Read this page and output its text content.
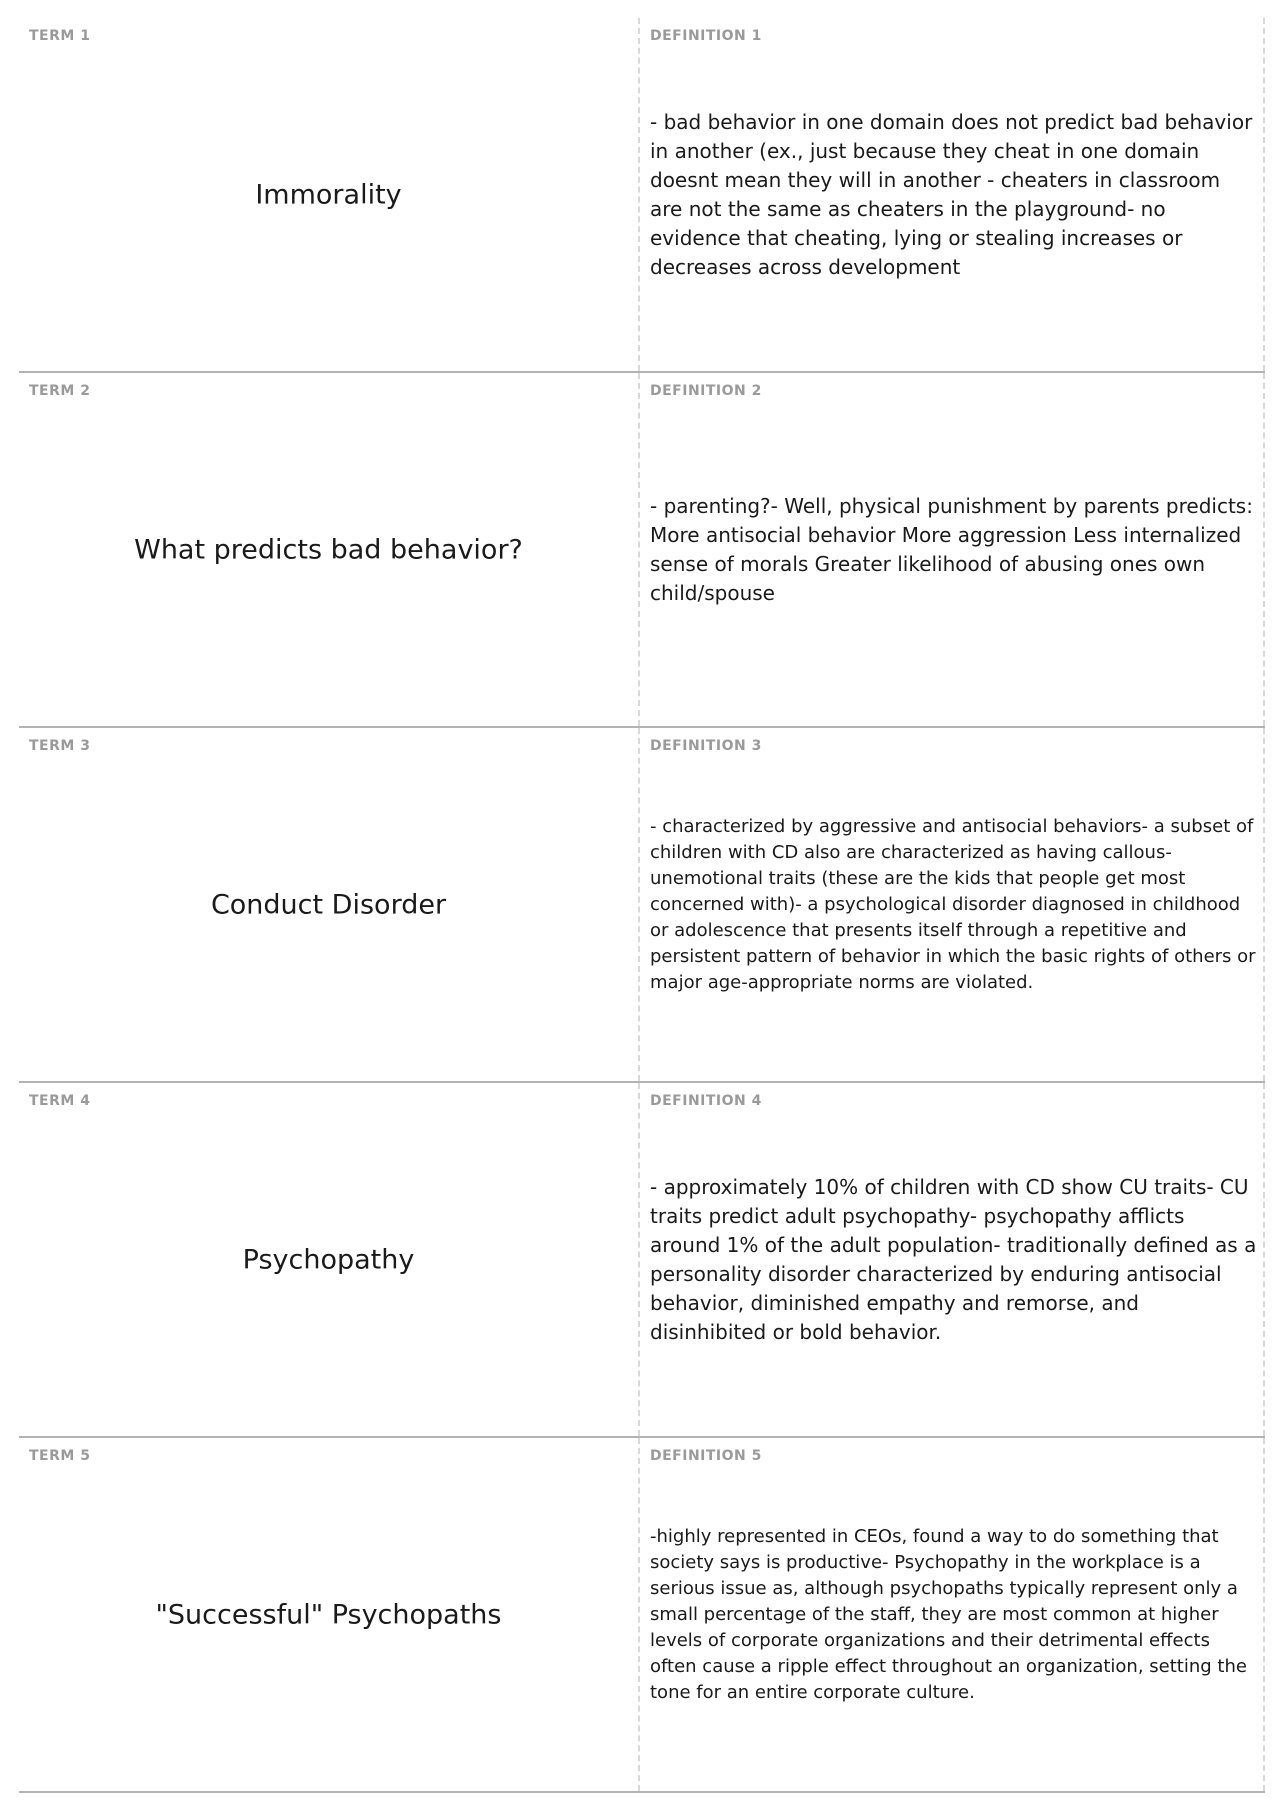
TERM 1
Immorality
DEFINITION 1
- bad behavior in one domain does not predict bad behavior in another (ex., just because they cheat in one domain doesnt mean they will in another - cheaters in classroom are not the same as cheaters in the playground- no evidence that cheating, lying or stealing increases or decreases across development
TERM 2
What predicts bad behavior?
DEFINITION 2
- parenting?- Well, physical punishment by parents predicts: More antisocial behavior More aggression Less internalized sense of morals Greater likelihood of abusing ones own child/spouse
TERM 3
Conduct Disorder
DEFINITION 3
- characterized by aggressive and antisocial behaviors- a subset of children with CD also are characterized as having callous-unemotional traits (these are the kids that people get most concerned with)- a psychological disorder diagnosed in childhood or adolescence that presents itself through a repetitive and persistent pattern of behavior in which the basic rights of others or major age-appropriate norms are violated.
TERM 4
Psychopathy
DEFINITION 4
- approximately 10% of children with CD show CU traits- CU traits predict adult psychopathy- psychopathy afflicts around 1% of the adult population- traditionally defined as a personality disorder characterized by enduring antisocial behavior, diminished empathy and remorse, and disinhibited or bold behavior.
TERM 5
"Successful" Psychopaths
DEFINITION 5
-highly represented in CEOs, found a way to do something that society says is productive- Psychopathy in the workplace is a serious issue as, although psychopaths typically represent only a small percentage of the staff, they are most common at higher levels of corporate organizations and their detrimental effects often cause a ripple effect throughout an organization, setting the tone for an entire corporate culture.
